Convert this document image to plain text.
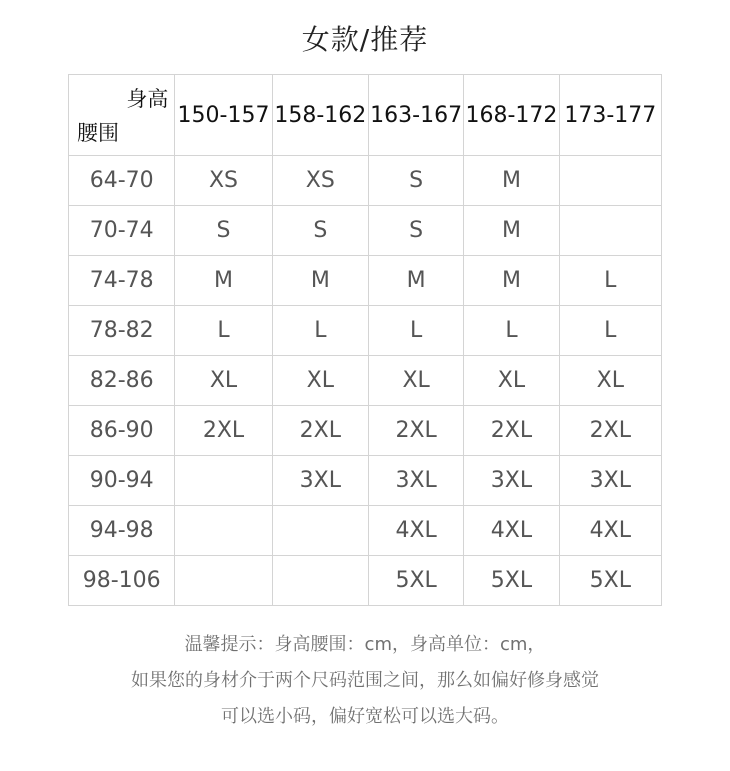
女款/推荐
身高
腰围	150-157	158-162	163-167	168-172	173-177
64-70	XS	XS	S	M	
70-74	S	S	S	M	
74-78	M	M	M	M	L
78-82	L	L	L	L	L
82-86	XL	XL	XL	XL	XL
86-90	2XL	2XL	2XL	2XL	2XL
90-94		3XL	3XL	3XL	3XL
94-98			4XL	4XL	4XL
98-106			5XL	5XL	5XL
温馨提示：身高腰围：cm，身高单位：cm，
如果您的身材介于两个尺码范围之间，那么如偏好修身感觉
可以选小码，偏好宽松可以选大码。
